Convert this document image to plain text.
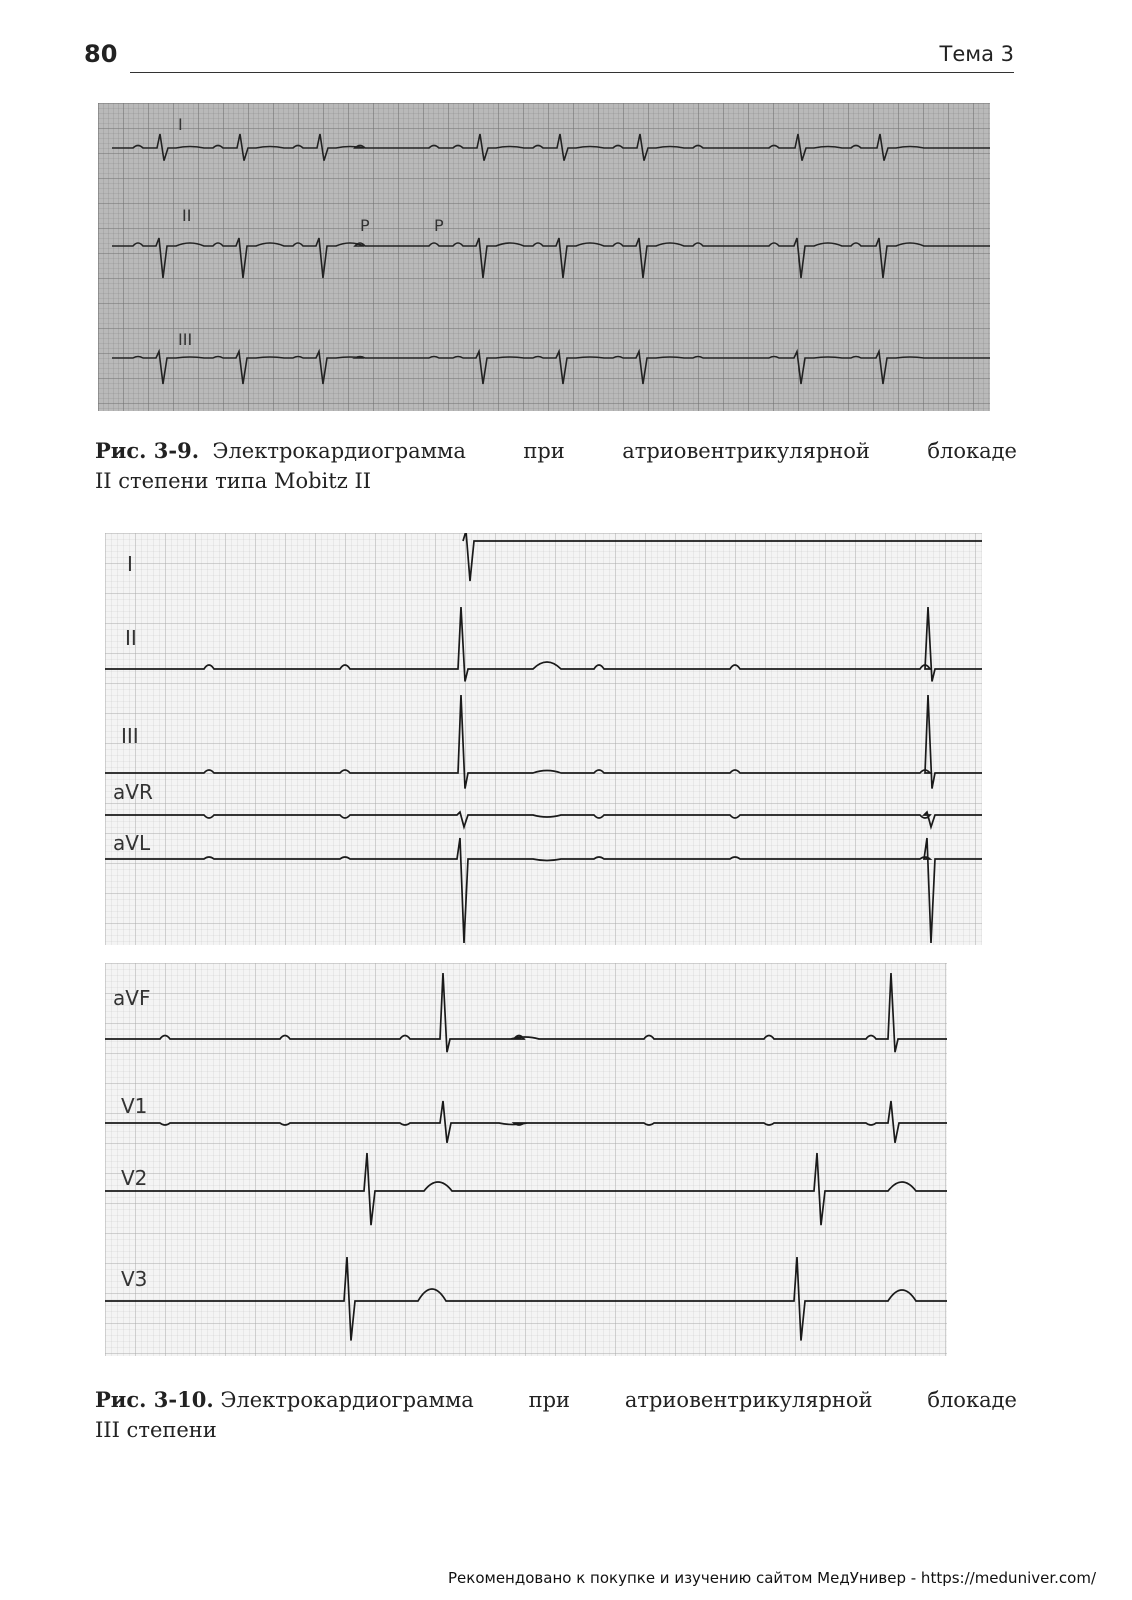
80	Тема 3
I
II
III
P	P
Рис. 3-9. Электрокардиограмма	при	атриовентрикулярной	блокаде
II степени типа Mobitz II
I
II
III
aVR
aVL
aVF
V1
V2
V3
Рис. 3-10. Электрокардиограмма	при	атриовентрикулярной	блокаде
III степени
Рекомендовано к покупке и изучению сайтом МедУнивер - https://meduniver.com/
